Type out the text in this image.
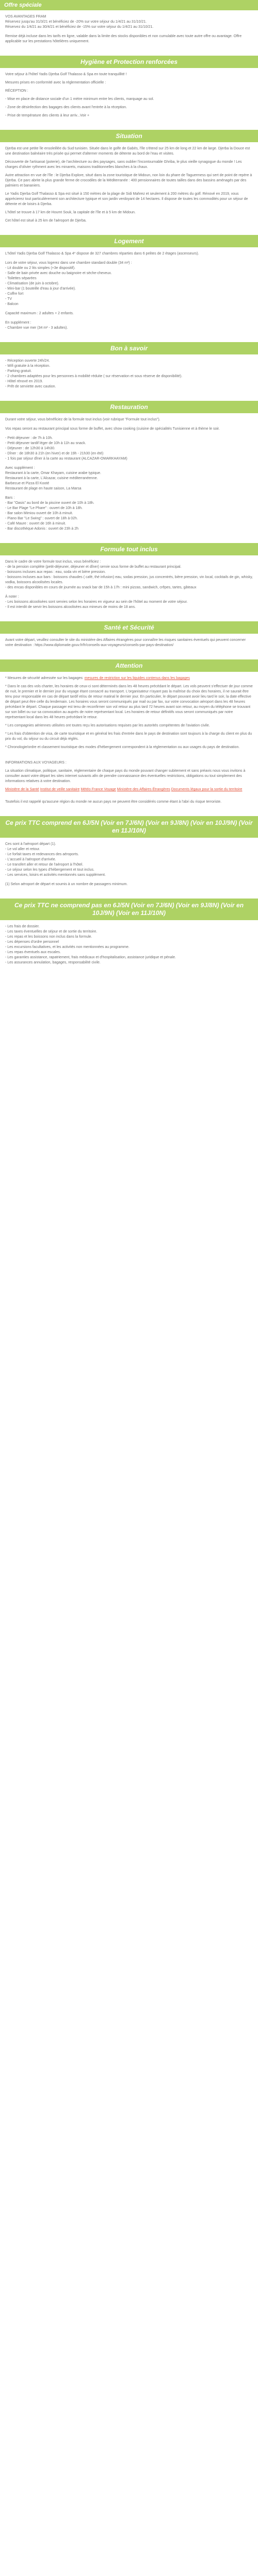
Offre spéciale
VOS AVANTAGES FRAM
Réservez jusqu'au 31/3/21 et bénéficiez de -20% sur votre séjour du 1/4/21 au 31/10/21.
Réservez du 1/4/21 au 30/4/21 et bénéficiez de -15% sur votre séjour du 1/4/21 au 31/10/21.
Remise déjà incluse dans les tarifs en ligne, valable dans la limite des stocks disponibles et non cumulable avec toute autre offre ou avantage. Offre applicable sur les prestations hôtelières uniquement.
Hygiène et Protection renforcées

Votre séjour à l'hôtel Yadis Djerba Golf Thalasso & Spa en toute tranquillité !

Mesures prises en conformité avec la réglementation officielle :

RÉCEPTION :

- Mise en place de distance sociale d'un 1 mètre minimum entre les clients, marquage au sol.

- Zone de désinfection des bagages des clients avant l'entrée à la réception.

- Prise de température des clients à leur arriv...Voir +

Situation

Djerba est une petite île ensoleillée du Sud tunisien. Située dans le golfe de Gabès, l'île s'étend sur 25 km de long et 22 km de large. Djerba la Douce est une destination balnéaire très prisée qui permet d'alterner moments de détente au bord de l'eau et visites.

Découverte de l'artisanat (poterie), de l'architecture ou des paysages, sans oublier l'incontournable Ghriba, le plus vieille synagogue du monde ! Les charges d'olivier rythment avec les minarets, maisons traditionnelles blanches à la chaux.

Autre attraction en vue de l'île : le Djerba Explore, situé dans la zone touristique de Midoun, non loin du phare de Taguermess qui sert de point de repère à Djerba. Ce parc abrite la plus grande ferme de crocodiles de la Méditerranée : 400 pensionnaires de toutes tailles dans des bassins aménagés par des palmiers et bananiers.

Le Yadis Djerba Golf Thalasso & Spa est situé à 150 mètres de la plage de Sidi Mahrez et seulement à 200 mètres du golf. Rénové en 2019, vous apprécierez tout particulièrement son architecture typique et son jardin verdoyant de 14 hectares. Il dispose de toutes les commodités pour un séjour de détente et de loisirs à Djerba.

L'hôtel se trouve à 17 km de Houmt Souk, la capitale de l'île et à 5 km de Midoun.

Cet hôtel est situé à 25 km de l'aéroport de Djerba.

Logement
L'hôtel Yadis Djerba Golf Thalasso & Spa 4* dispose de 327 chambres réparties dans 6 pelites de 2 étages (ascenseurs).
Lors de votre séjour, vous logerez dans une chambre standard double (34 m²) :
- Lit double ou 2 lits simples (+3e dispositif).
- Salle de bain privée avec douche ou baignoire et sèche-cheveux.
- Toilettes séparées
- Climatisation (de juin à octobre).
- Mini-bar (1 bouteille d'eau à jour d'arrivée).
- Coffre fort
- TV
- Balcon
Capacité maximum : 2 adultes + 2 enfants.
En supplément :
- Chambre vue mer (34 m² - 3 adultes).
Bon à savoir
- Réception ouverte 24h/24.
- Wifi gratuite à la réception.
- Parking gratuit.
- 2 chambres adaptées pour les personnes à mobilité réduite ( sur réservation et sous réserve de disponibilité).
- Hôtel rénové en 2019.
- Prêt de serviette avec caution.
Restauration
Durant votre séjour, vous bénéficiez de la formule tout inclus (voir rubrique "Formule tout inclus").
Vos repas seront au restaurant principal sous forme de buffet, avec show cooking (cuisine de spécialités Tunisienne et à thème le soir.
- Petit déjeuner : de 7h à 10h.
- Petit déjeuner tardif léger de 10h à 11h au snack.
- Déjeuner : de 12h30 à 14h30.
- Dîner : de 18h30 à 21h (en hiver) et de 19h - 21h30 (en été)
- 1 fois par séjour dîner à la carte au restaurant (ALCAZAR-OMARKHAYAM)
Avec supplément :
Restaurant à la carte, Omar Khayam, cuisine arabe typique.
Restaurant à la carte, L'Alcazar, cuisine méditerranéenne.
Barbecue et Pizza El Kooté
Restaurant de plage en haute saison, La Marsa
Bars :
- Bar "Oasis" au bord de la piscine ouvert de 10h à 18h.
- Le Bar Plage "Le Phare" : ouvert de 10h à 18h.
- Bar salon Mimiou ouvert de 10h à minuit.
- Piano Bar "Le Swing" : ouvert de 18h à 02h.
- Café Maure : ouvert de 16h à minuit.
- Bar discothèque Adonis : ouvert de 23h à 2h
Formule tout inclus
Dans le cadre de votre formule tout inclus, vous bénéficiez :
- de la pension complète (petit-déjeuner, déjeuner et dîner) servie sous forme de buffet au restaurant principal.
- boissons incluses aux repas : eau, soda vin et bière pression.
- boissons incluses aux bars : boissons chaudes ( café, thé infusion) eau, sodas pression, jus concentrés, bière pression, vin local, cocktails de gin, whisky, vodka, boissons alcoolisées locales.
- des encas disponibles en cours de journée au snack bar de 15h à 17h : mini pizzas, sandwich, crêpes, tartes, gâteaux
À noter :
- Les boissons alcoolisées sont servies selon les horaires en vigueur au sein de l'hôtel au moment de votre séjour.
- Il est interdit de servir les boissons alcoolisées aux mineurs de moins de 18 ans.
Santé et Sécurité

Avant votre départ, veuillez consulter le site du ministère des Affaires étrangères pour connaître les risques sanitaires éventuels qui peuvent concerner votre destination : https://www.diplomatie.gouv.fr/fr/conseils-aux-voyageurs/conseils-par-pays-destination/

Attention

* Mesures de sécurité adressée sur les bagages: mesures de restriction sur les liquides contenus dans les bagages

* Dans le cas des vols charter, les horaires de ceux-ci sont déterminés dans les 48 heures précédant le départ. Les vols peuvent s'effectuer de jour comme de nuit, le premier et le dernier jour du voyage étant consacré au transport. L'organisateur n'ayant pas la maîtrise du choix des horaires, il ne saurait être tenu pour responsable en cas de départ tardif et/ou de retour matinal le dernier jour. En particulier, le départ pouvant avoir lieu tard le soir, la date effective de départ peut être celle du lendemain. Les horaires vous seront communiqués par mail ou par fax, sur votre convocation aéroport dans les 48 heures précédant le départ. Chaque passager est tenu de reconfirmer son vol retour au plus tard 72 heures avant son retour, au moyen du téléphone se trouvant sur son billet ou sur sa convocation au auprès de notre représentant local. Les horaires de retour définitifs vous seront communiqués par notre représentant local dans les 48 heures précédant le retour.

* Les compagnies aériennes utilisées ont toutes reçu les autorisations requises par les autorités compétentes de l'aviation civile.

* Les frais d'obtention de visa, de carte touristique et en général les frais d'entrée dans le pays de destination sont toujours à la charge du client en plus du prix du vol, du séjour ou du circuit déjà réglés.

* Chronologie/ordre et classement touristique des modes d'hébergement correspondent à la réglementation ou aux usages du pays de destination.

INFORMATIONS AUX VOYAGEURS :

La situation climatique, politique, sanitaire, réglementaire de chaque pays du monde pouvant changer subitement et sans préavis nous vous invitons à consulter avant votre départ les sites internet suivants afin de prendre connaissance des éventuelles restrictions, obligations ou tout simplement des informations relatives à votre destination.

Ministère de la Santé Institut de veille sanitaire Météo France Voyage Ministère des Affaires Étrangères Documents légaux pour la sortie du territoire

Toutefois il est rappelé qu'aucune région du monde ne aucun pays ne peuvent être considérés comme étant à l'abri du risque terroriste.

Ce prix TTC comprend en 6J/5N (Voir en 7J/6N) (Voir en 9J/8N) (Voir en 10J/9N) (Voir en 11J/10N)
Ces sont à l'aéroport départ (1).
- Le vol aller et retour.
- Le forfait taxes et redevances des aéroports.
- L'accueil à l'aéroport d'arrivée.
- Le transfert aller et retour de l'aéroport à l'hôtel.
- Le séjour selon les types d'hébergement et tout inclus.
- Les services, loisirs et activités mentionnés sans supplément.
(1) Selon aéroport de départ et soumis à un nombre de passagers minimum.
Ce prix TTC ne comprend pas en 6J/5N (Voir en 7J/6N) (Voir en 9J/8N) (Voir en 10J/9N) (Voir en 11J/10N)
- Les frais de dossier.
- Les taxes éventuelles de séjour et de sortie du territoire.
- Les repas et les boissons non inclus dans la formule.
- Les dépenses d'ordre personnel
- Les excursions facultatives, et les activités non mentionnées au programme.
- Les repas éventuels aux escales.
- Les garanties assistance, rapatriement, frais médicaux et d'hospitalisation, assistance juridique et pénale.
- Les assurances annulation, bagages, responsabilité civile.
